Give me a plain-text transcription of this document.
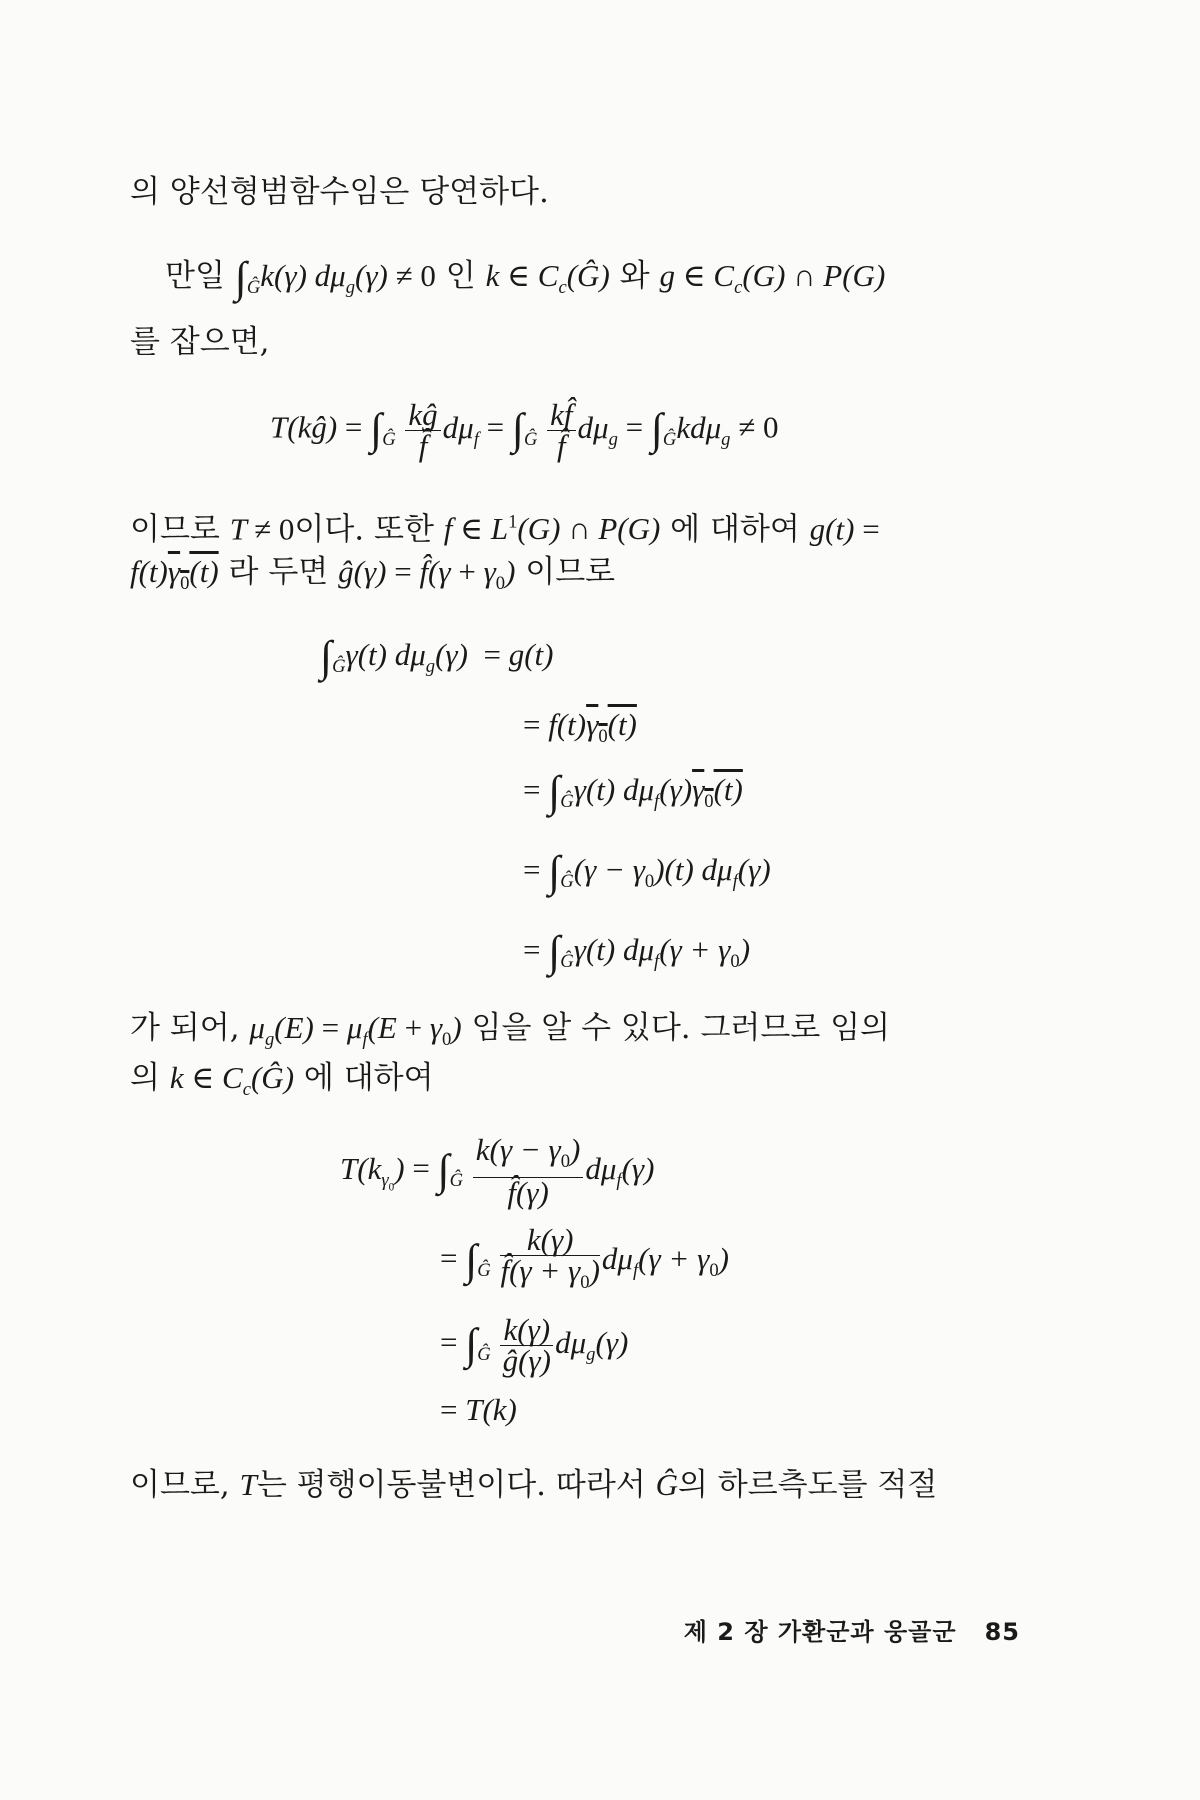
의 양선형범함수임은 당연하다.
만일 $\int_Ĝk(\gamma) d\mu_g(\gamma) \ne 0$ 인 k ∈ $C_c(Ĝ)$ 와 g ∈ $C_c(G)$ ∩ P(G)
를 잡으면,
T(kĝ) = $\int_Ĝ \frac{kĝ}{f̂} d\mu_f = \int_Ĝ \frac{kf̂}{f̂} d\mu_g = \int_Ĝkd\mu_g \ne 0$
이므로 T ≠ 0이다. 또한 f ∈ $L^1(G)$ ∩ P(G) 에 대하여 g(t) =
$f(t)\gamma_0(t)$ 라 두면 ĝ(γ) = f̂(γ + $\gamma_0$) 이므로
$\int_Ĝ\gamma(t) d\mu_g(\gamma) = g(t)$
= $f(t)\gamma_0(t)$
= $\int_Ĝ\gamma(t)$ $d\mu_f(\gamma)\gamma_0(t)$
= $\int_Ĝ(\gamma - \gamma_0)(t)$ $d\mu_f(\gamma)$
= $\int_Ĝ\gamma(t) d\mu_f(\gamma + \gamma_0)$
가 되어, $\mu_g(E) = \mu_f(E + \gamma_0)$ 임을 알 수 있다. 그러므로 임의
의 k ∈ $C_c(Ĝ)$ 에 대하여
$T(k_{\gamma_0}) = \int_Ĝ \frac{k(\gamma - \gamma_0)}{f̂(\gamma)} d\mu_f(\gamma)$
= $\int_Ĝ \frac{k(\gamma)}{f̂(\gamma + \gamma_0)} d\mu_f(\gamma + \gamma_0)$
= $\int_Ĝ \frac{k(\gamma)}{ĝ(\gamma)} d\mu_g(\gamma)$
= T(k)
이므로, T는 평행이동불변이다. 따라서 Ĝ의 하르측도를 적절
제 2 장 가환군과 웅골군 85
